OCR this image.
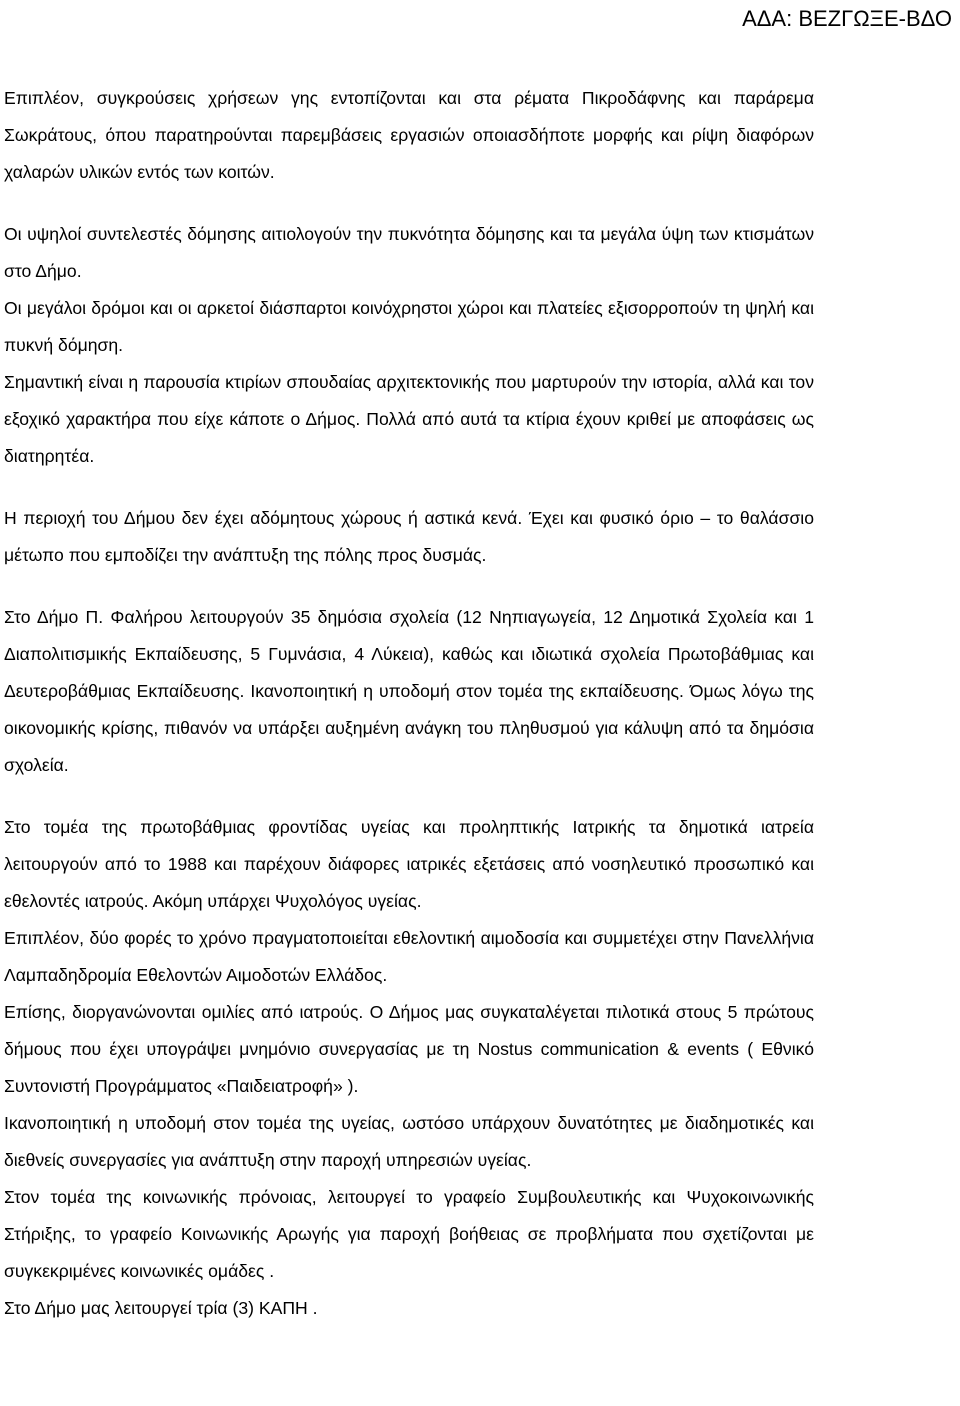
ΑΔΑ: ΒΕΖΓΩΞΕ-ΒΔΟ

Επιπλέον, συγκρούσεις χρήσεων γης εντοπίζονται και στα ρέματα Πικροδάφνης και παράρεμα Σωκράτους, όπου παρατηρούνται παρεμβάσεις εργασιών οποιασδήποτε μορφής και ρίψη διαφόρων χαλαρών υλικών εντός των κοιτών.

Οι υψηλοί συντελεστές δόμησης αιτιολογούν την πυκνότητα δόμησης και τα μεγάλα ύψη των κτισμάτων στο Δήμο.

Οι μεγάλοι δρόμοι και οι αρκετοί διάσπαρτοι κοινόχρηστοι χώροι και πλατείες εξισορροπούν τη ψηλή και πυκνή δόμηση.

Σημαντική είναι η παρουσία κτιρίων σπουδαίας αρχιτεκτονικής που μαρτυρούν την ιστορία, αλλά και τον εξοχικό χαρακτήρα που είχε κάποτε ο Δήμος. Πολλά από αυτά τα κτίρια έχουν κριθεί με αποφάσεις ως διατηρητέα.

Η περιοχή του Δήμου δεν έχει αδόμητους χώρους ή αστικά κενά. Έχει και φυσικό όριο – το θαλάσσιο μέτωπο που εμποδίζει την ανάπτυξη της πόλης προς δυσμάς.

Στο Δήμο Π. Φαλήρου λειτουργούν 35 δημόσια σχολεία (12 Νηπιαγωγεία, 12 Δημοτικά Σχολεία και 1 Διαπολιτισμικής Εκπαίδευσης, 5 Γυμνάσια, 4 Λύκεια), καθώς και ιδιωτικά σχολεία Πρωτοβάθμιας και Δευτεροβάθμιας Εκπαίδευσης. Ικανοποιητική η υποδομή στον τομέα της εκπαίδευσης. Όμως λόγω της οικονομικής κρίσης, πιθανόν να υπάρξει αυξημένη ανάγκη του πληθυσμού για κάλυψη από τα δημόσια σχολεία.

Στο τομέα της πρωτοβάθμιας φροντίδας υγείας και προληπτικής Ιατρικής τα δημοτικά ιατρεία λειτουργούν από το 1988 και παρέχουν διάφορες ιατρικές εξετάσεις από νοσηλευτικό προσωπικό και εθελοντές ιατρούς. Ακόμη υπάρχει Ψυχολόγος υγείας.

Επιπλέον, δύο φορές το χρόνο πραγματοποιείται εθελοντική αιμοδοσία και συμμετέχει στην Πανελλήνια Λαμπαδηδρομία Εθελοντών Αιμοδοτών Ελλάδος.

Επίσης, διοργανώνονται ομιλίες από ιατρούς. Ο Δήμος μας συγκαταλέγεται πιλοτικά στους 5 πρώτους δήμους που έχει υπογράψει μνημόνιο συνεργασίας με τη Nostus communication & events ( Εθνικό Συντονιστή Προγράμματος «Παιδειατροφή» ).

Ικανοποιητική η υποδομή στον τομέα της υγείας, ωστόσο υπάρχουν δυνατότητες με διαδημοτικές και διεθνείς συνεργασίες για ανάπτυξη στην παροχή υπηρεσιών υγείας.

Στον τομέα της κοινωνικής πρόνοιας, λειτουργεί το γραφείο Συμβουλευτικής και Ψυχοκοινωνικής Στήριξης, το γραφείο Κοινωνικής Αρωγής για παροχή βοήθειας σε προβλήματα που σχετίζονται με συγκεκριμένες κοινωνικές ομάδες .

Στο Δήμο μας λειτουργεί τρία (3) ΚΑΠΗ .
